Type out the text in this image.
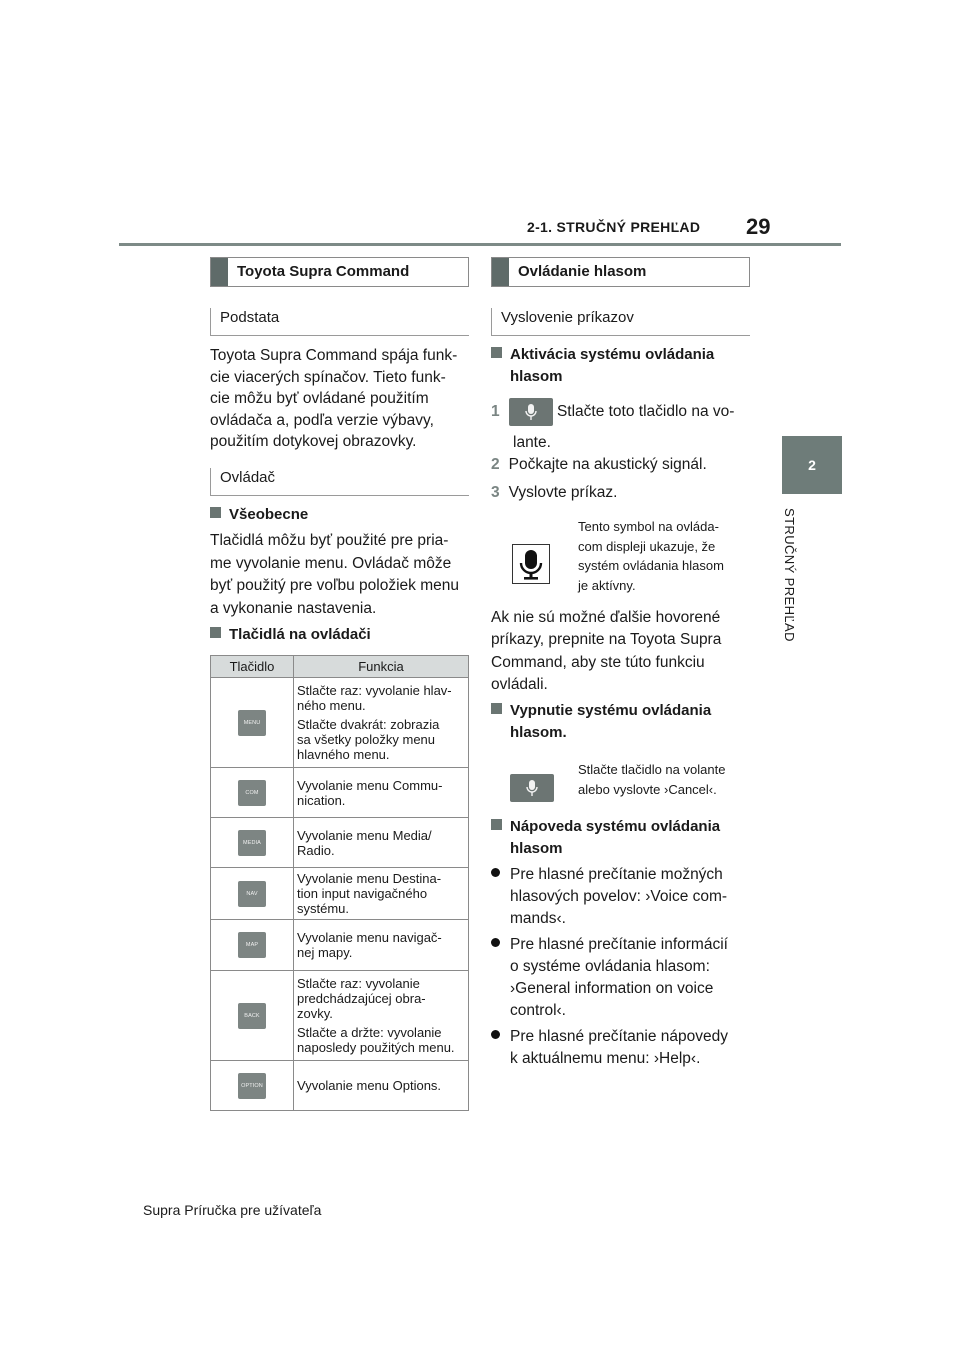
2-1. STRUČNÝ PREHĽAD 29
2
STRUČNÝ PREHĽAD
Toyota Supra Command
Podstata
Toyota Supra Command spája funk-
cie viacerých spínačov. Tieto funk-
cie môžu byť ovládané použitím
ovládača a, podľa verzie výbavy,
použitím dotykovej obrazovky.
Ovládač
Všeobecne
Tlačidlá môžu byť použité pre pria-
me vyvolanie menu. Ovládač môže
byť použitý pre voľbu položiek menu
a vykonanie nastavenia.
Tlačidlá na ovládači
Tlačidlo	Funkcia
MENU	Stlačte raz: vyvolanie hlav-
ného menu.

Stlačte dvakrát: zobrazia
sa všetky položky menu
hlavného menu.

COM	Vyvolanie menu Commu-
nication.

MEDIA	Vyvolanie menu Media/
Radio.

NAV	Vyvolanie menu Destina-
tion input navigačného
systému.

MAP	Vyvolanie menu navigač-
nej mapy.

BACK	Stlačte raz: vyvolanie
predchádzajúcej obra-
zovky.

Stlačte a držte: vyvolanie
naposledy použitých menu.

OPTION	Vyvolanie menu Options.

Ovládanie hlasom
Vyslovenie príkazov
Aktivácia systému ovládania
hlasom
1	Stlačte toto tlačidlo na vo-
lante.
2 Počkajte na akustický signál.
3 Vyslovte príkaz.
Tento symbol na ovláda-
com displeji ukazuje, že
systém ovládania hlasom
je aktívny.
Ak nie sú možné ďalšie hovorené
príkazy, prepnite na Toyota Supra
Command, aby ste túto funkciu
ovládali.
Vypnutie systému ovládania
hlasom.
Stlačte tlačidlo na volante
alebo vyslovte ›Cancel‹.
Nápoveda systému ovládania
hlasom
Pre hlasné prečítanie možných
hlasových povelov: ›Voice com-
mands‹.
Pre hlasné prečítanie informácií
o systéme ovládania hlasom:
›General information on voice
control‹.
Pre hlasné prečítanie nápovedy
k aktuálnemu menu: ›Help‹.
Supra Príručka pre užívateľa
